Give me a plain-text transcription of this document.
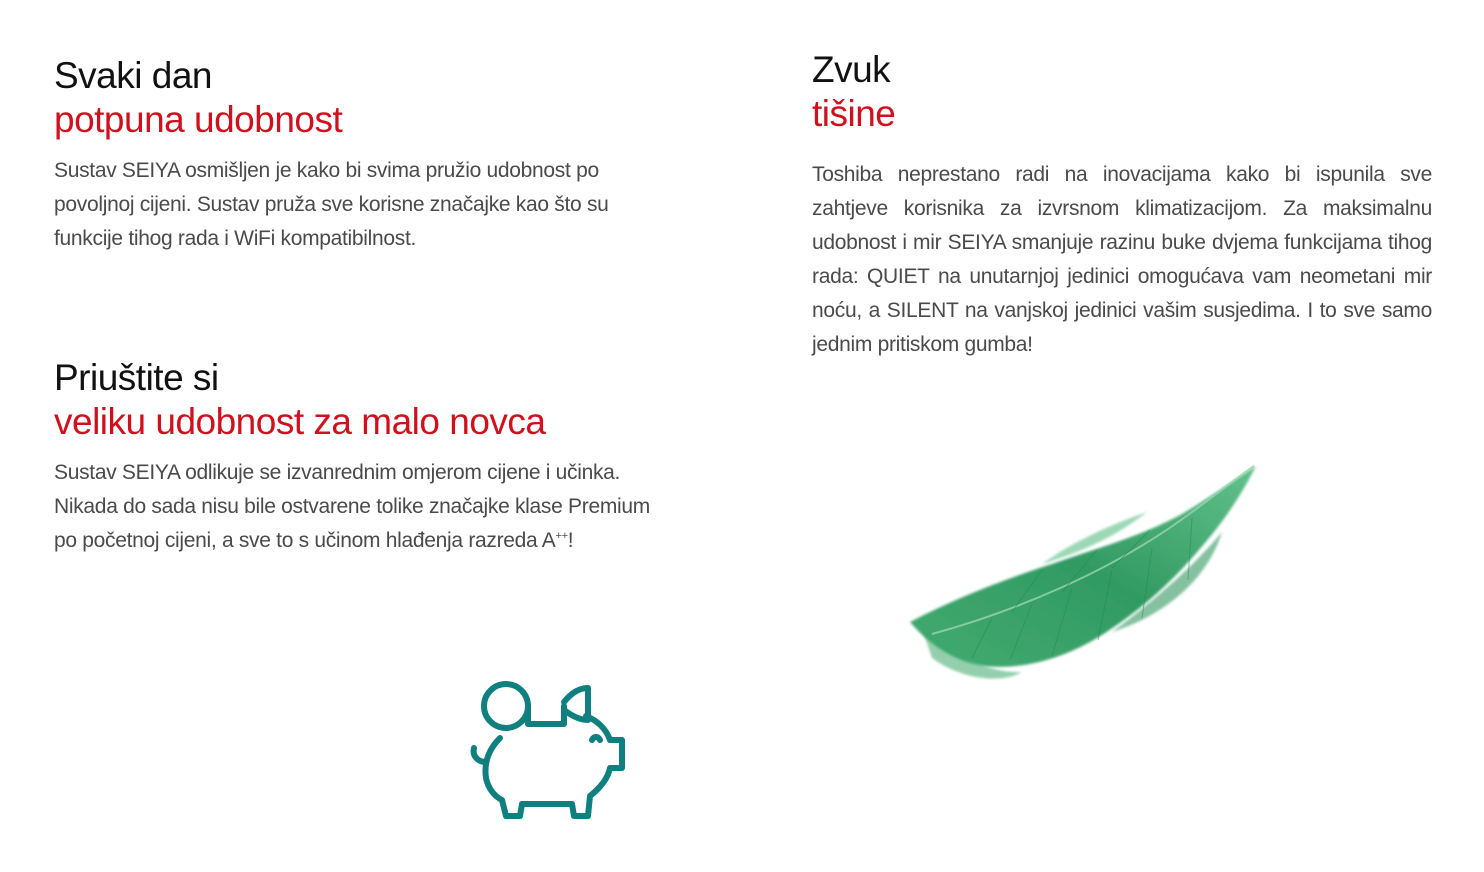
Svaki dan
potpuna udobnost

Sustav SEIYA osmišljen je kako bi svima pružio udobnost po povoljnoj cijeni. Sustav pruža sve korisne značajke kao što su funkcije tihog rada i WiFi kompatibilnost.

Priuštite si
veliku udobnost za malo novca

Sustav SEIYA odlikuje se izvanrednim omjerom cijene i učinka. Nikada do sada nisu bile ostvarene tolike značajke klase Premium po početnoj cijeni, a sve to s učinom hlađenja razreda A++!

Zvuk
tišine

Toshiba neprestano radi na inovacijama kako bi ispunila sve zahtjeve korisnika za izvrsnom klimatizacijom. Za maksimalnu udobnost i mir SEIYA smanjuje razinu buke dvjema funkcijama tihog rada: QUIET na unutarnjoj jedinici omogućava vam neometani mir noću, a SILENT na vanjskoj jedinici vašim susjedima. I to sve samo jednim pritiskom gumba!
